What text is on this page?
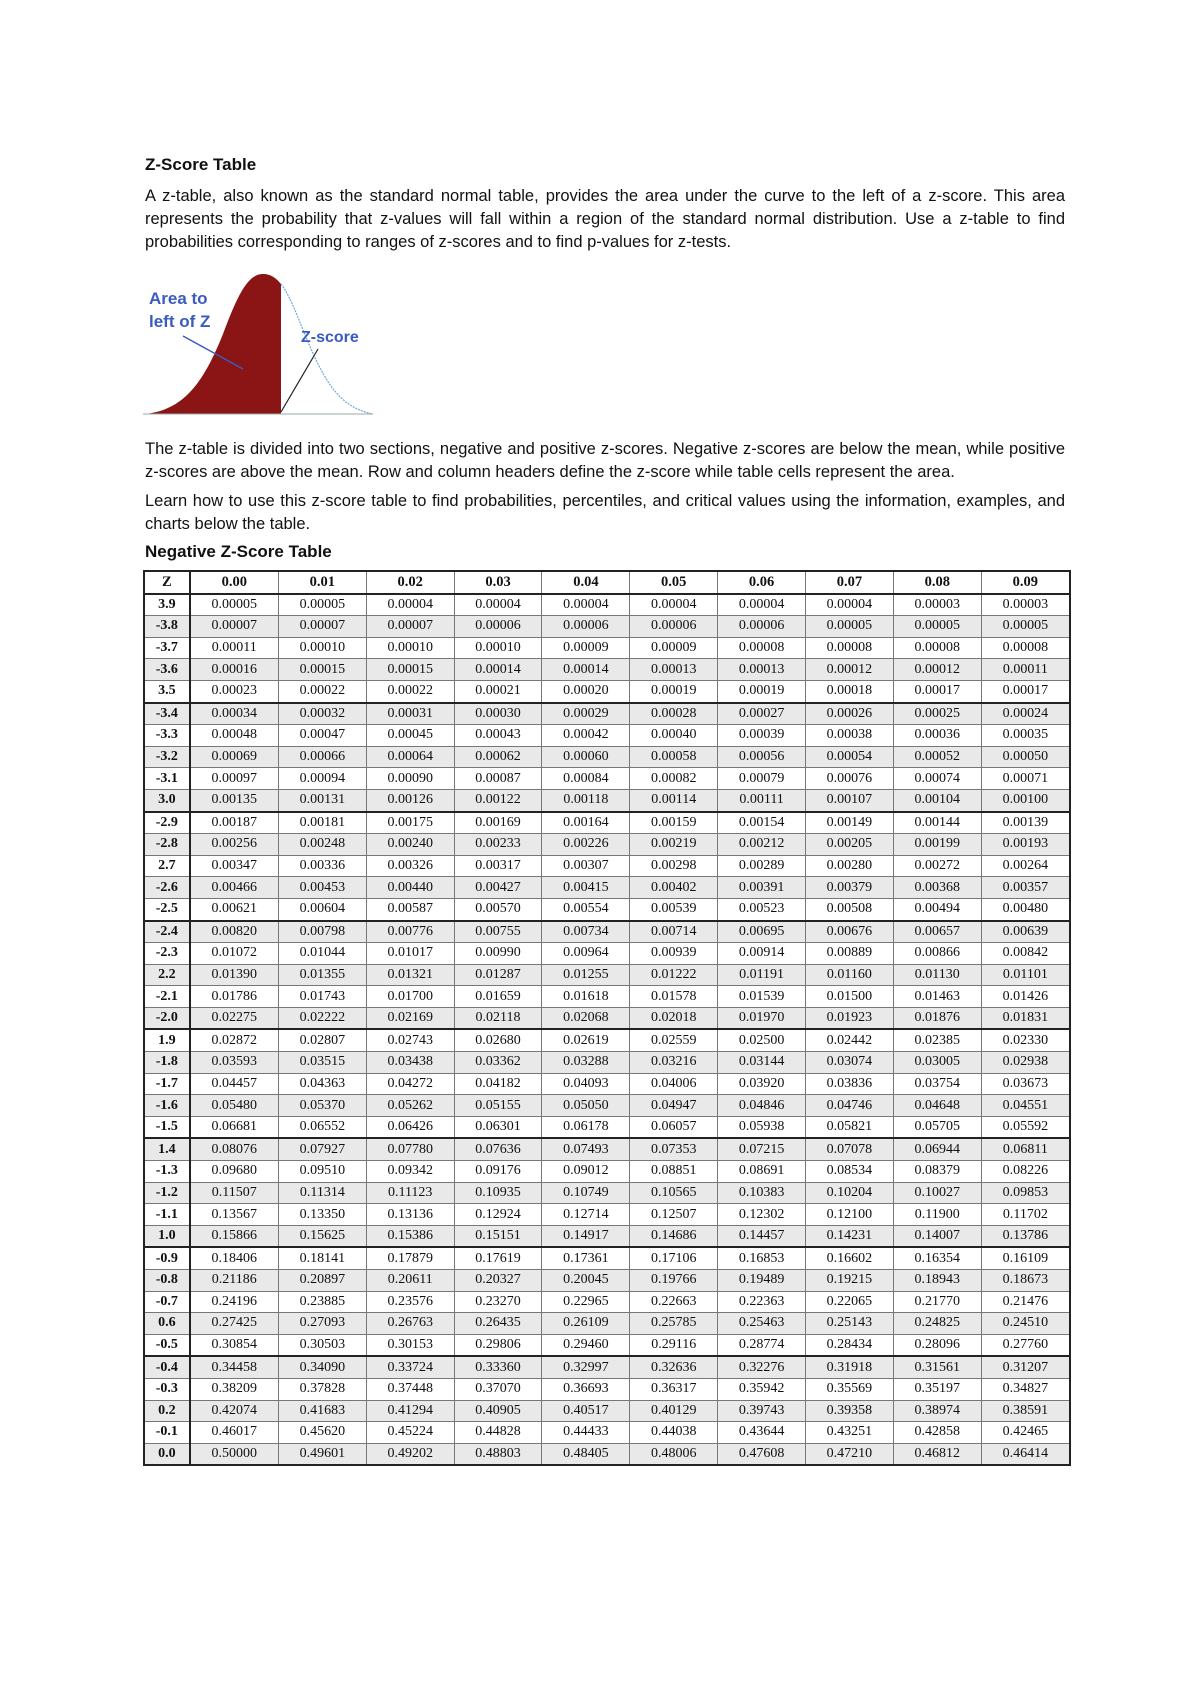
Z-Score Table

A z-table, also known as the standard normal table, provides the area under the curve to the left of a z-score. This area represents the probability that z-values will fall within a region of the standard normal distribution. Use a z-table to find probabilities corresponding to ranges of z-scores and to find p-values for z-tests.

Area to
left of Z
Z-score

The z-table is divided into two sections, negative and positive z-scores. Negative z-scores are below the mean, while positive z-scores are above the mean. Row and column headers define the z-score while table cells represent the area.

Learn how to use this z-score table to find probabilities, percentiles, and critical values using the information, examples, and charts below the table.

Negative Z-Score Table
Z	0.00	0.01	0.02	0.03	0.04	0.05	0.06	0.07	0.08	0.09
3.9	0.00005	0.00005	0.00004	0.00004	0.00004	0.00004	0.00004	0.00004	0.00003	0.00003
-3.8	0.00007	0.00007	0.00007	0.00006	0.00006	0.00006	0.00006	0.00005	0.00005	0.00005
-3.7	0.00011	0.00010	0.00010	0.00010	0.00009	0.00009	0.00008	0.00008	0.00008	0.00008
-3.6	0.00016	0.00015	0.00015	0.00014	0.00014	0.00013	0.00013	0.00012	0.00012	0.00011
3.5	0.00023	0.00022	0.00022	0.00021	0.00020	0.00019	0.00019	0.00018	0.00017	0.00017
-3.4	0.00034	0.00032	0.00031	0.00030	0.00029	0.00028	0.00027	0.00026	0.00025	0.00024
-3.3	0.00048	0.00047	0.00045	0.00043	0.00042	0.00040	0.00039	0.00038	0.00036	0.00035
-3.2	0.00069	0.00066	0.00064	0.00062	0.00060	0.00058	0.00056	0.00054	0.00052	0.00050
-3.1	0.00097	0.00094	0.00090	0.00087	0.00084	0.00082	0.00079	0.00076	0.00074	0.00071
3.0	0.00135	0.00131	0.00126	0.00122	0.00118	0.00114	0.00111	0.00107	0.00104	0.00100
-2.9	0.00187	0.00181	0.00175	0.00169	0.00164	0.00159	0.00154	0.00149	0.00144	0.00139
-2.8	0.00256	0.00248	0.00240	0.00233	0.00226	0.00219	0.00212	0.00205	0.00199	0.00193
2.7	0.00347	0.00336	0.00326	0.00317	0.00307	0.00298	0.00289	0.00280	0.00272	0.00264
-2.6	0.00466	0.00453	0.00440	0.00427	0.00415	0.00402	0.00391	0.00379	0.00368	0.00357
-2.5	0.00621	0.00604	0.00587	0.00570	0.00554	0.00539	0.00523	0.00508	0.00494	0.00480
-2.4	0.00820	0.00798	0.00776	0.00755	0.00734	0.00714	0.00695	0.00676	0.00657	0.00639
-2.3	0.01072	0.01044	0.01017	0.00990	0.00964	0.00939	0.00914	0.00889	0.00866	0.00842
2.2	0.01390	0.01355	0.01321	0.01287	0.01255	0.01222	0.01191	0.01160	0.01130	0.01101
-2.1	0.01786	0.01743	0.01700	0.01659	0.01618	0.01578	0.01539	0.01500	0.01463	0.01426
-2.0	0.02275	0.02222	0.02169	0.02118	0.02068	0.02018	0.01970	0.01923	0.01876	0.01831
1.9	0.02872	0.02807	0.02743	0.02680	0.02619	0.02559	0.02500	0.02442	0.02385	0.02330
-1.8	0.03593	0.03515	0.03438	0.03362	0.03288	0.03216	0.03144	0.03074	0.03005	0.02938
-1.7	0.04457	0.04363	0.04272	0.04182	0.04093	0.04006	0.03920	0.03836	0.03754	0.03673
-1.6	0.05480	0.05370	0.05262	0.05155	0.05050	0.04947	0.04846	0.04746	0.04648	0.04551
-1.5	0.06681	0.06552	0.06426	0.06301	0.06178	0.06057	0.05938	0.05821	0.05705	0.05592
1.4	0.08076	0.07927	0.07780	0.07636	0.07493	0.07353	0.07215	0.07078	0.06944	0.06811
-1.3	0.09680	0.09510	0.09342	0.09176	0.09012	0.08851	0.08691	0.08534	0.08379	0.08226
-1.2	0.11507	0.11314	0.11123	0.10935	0.10749	0.10565	0.10383	0.10204	0.10027	0.09853
-1.1	0.13567	0.13350	0.13136	0.12924	0.12714	0.12507	0.12302	0.12100	0.11900	0.11702
1.0	0.15866	0.15625	0.15386	0.15151	0.14917	0.14686	0.14457	0.14231	0.14007	0.13786
-0.9	0.18406	0.18141	0.17879	0.17619	0.17361	0.17106	0.16853	0.16602	0.16354	0.16109
-0.8	0.21186	0.20897	0.20611	0.20327	0.20045	0.19766	0.19489	0.19215	0.18943	0.18673
-0.7	0.24196	0.23885	0.23576	0.23270	0.22965	0.22663	0.22363	0.22065	0.21770	0.21476
0.6	0.27425	0.27093	0.26763	0.26435	0.26109	0.25785	0.25463	0.25143	0.24825	0.24510
-0.5	0.30854	0.30503	0.30153	0.29806	0.29460	0.29116	0.28774	0.28434	0.28096	0.27760
-0.4	0.34458	0.34090	0.33724	0.33360	0.32997	0.32636	0.32276	0.31918	0.31561	0.31207
-0.3	0.38209	0.37828	0.37448	0.37070	0.36693	0.36317	0.35942	0.35569	0.35197	0.34827
0.2	0.42074	0.41683	0.41294	0.40905	0.40517	0.40129	0.39743	0.39358	0.38974	0.38591
-0.1	0.46017	0.45620	0.45224	0.44828	0.44433	0.44038	0.43644	0.43251	0.42858	0.42465
0.0	0.50000	0.49601	0.49202	0.48803	0.48405	0.48006	0.47608	0.47210	0.46812	0.46414
